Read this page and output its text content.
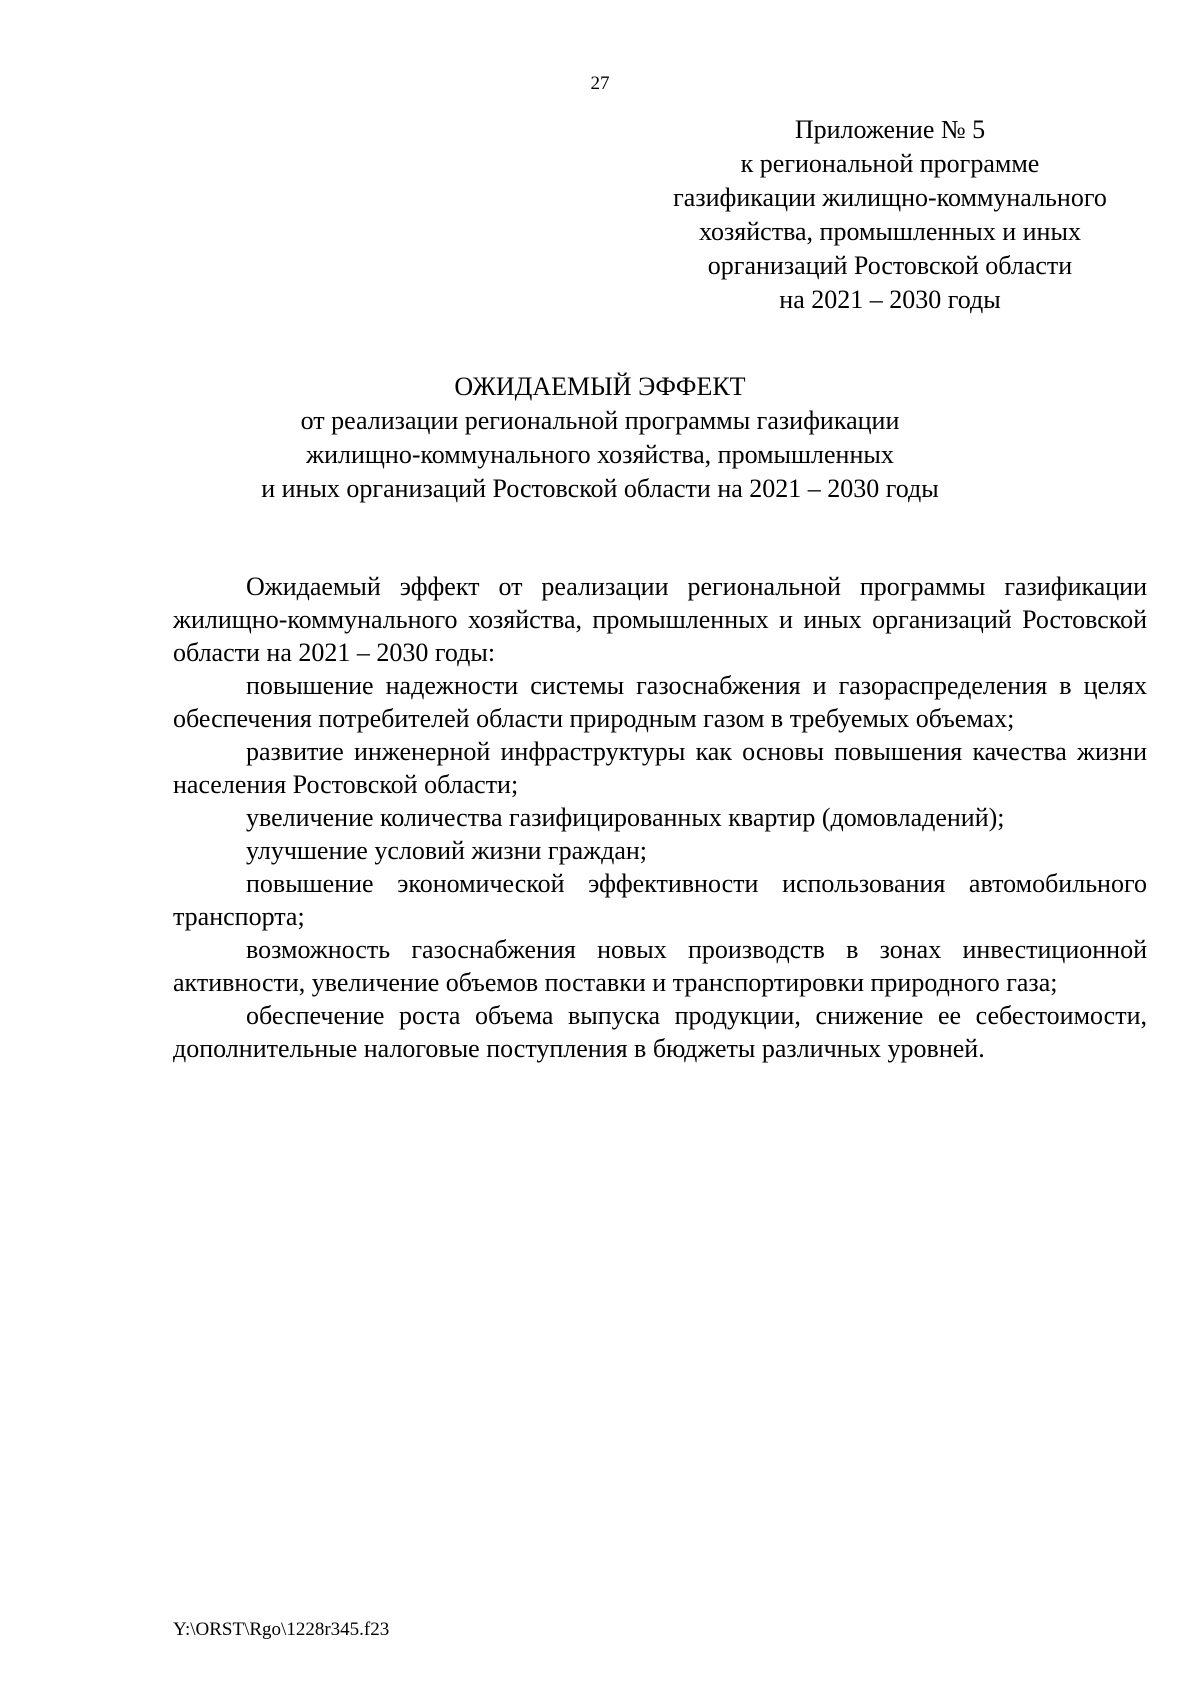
27
Приложение № 5
к региональной программе
газификации жилищно-коммунального
хозяйства, промышленных и иных
организаций Ростовской области
на 2021 – 2030 годы
ОЖИДАЕМЫЙ ЭФФЕКТ
от реализации региональной программы газификации
жилищно-коммунального хозяйства, промышленных
и иных организаций Ростовской области на 2021 – 2030 годы

Ожидаемый эффект от реализации региональной программы газификации жилищно-коммунального хозяйства, промышленных и иных организаций Ростовской области на 2021 – 2030 годы:

повышение надежности системы газоснабжения и газораспределения в целях обеспечения потребителей области природным газом в требуемых объемах;

развитие инженерной инфраструктуры как основы повышения качества жизни населения Ростовской области;

увеличение количества газифицированных квартир (домовладений);

улучшение условий жизни граждан;

повышение экономической эффективности использования автомобильного транспорта;

возможность газоснабжения новых производств в зонах инвестиционной активности, увеличение объемов поставки и транспортировки природного газа;

обеспечение роста объема выпуска продукции, снижение ее себестоимости, дополнительные налоговые поступления в бюджеты различных уровней.

Y:\ORST\Rgo\1228r345.f23
